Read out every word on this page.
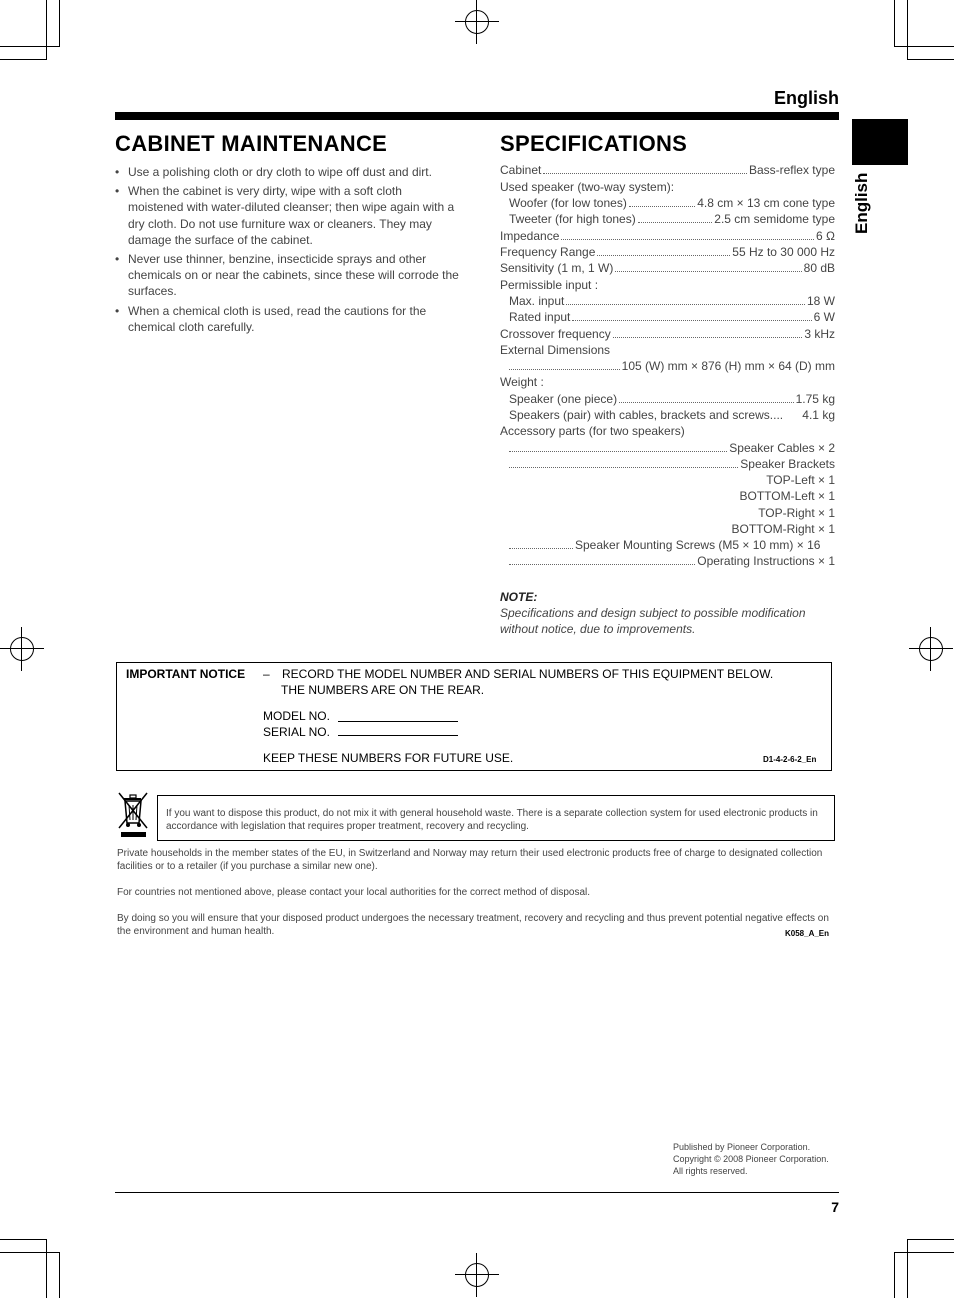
English
English
CABINET MAINTENANCE
• Use a polishing cloth or dry cloth to wipe off dust and dirt.
• When the cabinet is very dirty, wipe with a soft cloth moistened with water-diluted cleanser; then wipe again with a dry cloth. Do not use furniture wax or cleaners. They may damage the surface of the cabinet.
• Never use thinner, benzine, insecticide sprays and other chemicals on or near the cabinets, since these will corrode the surfaces.
• When a chemical cloth is used, read the cautions for the chemical cloth carefully.
SPECIFICATIONS
Cabinet	Bass-reflex type
Used speaker (two-way system):
Woofer (for low tones)	4.8 cm × 13 cm cone type
Tweeter (for high tones)	2.5 cm semidome type
Impedance	6 Ω
Frequency Range	55 Hz to 30 000 Hz
Sensitivity (1 m, 1 W)	80 dB
Permissible input :
Max. input	18 W
Rated input	6 W
Crossover frequency	3 kHz
External Dimensions
105 (W) mm × 876 (H) mm × 64 (D) mm
Weight :
Speaker (one piece)	1.75 kg
Speakers (pair) with cables, brackets and screws.... 4.1 kg
Accessory parts (for two speakers)
Speaker Cables × 2
Speaker Brackets
TOP-Left × 1
BOTTOM-Left × 1
TOP-Right × 1
BOTTOM-Right × 1
Speaker Mounting Screws (M5 × 10 mm) × 16
Operating Instructions × 1
NOTE:
Specifications and design subject to possible modification without notice, due to improvements.
IMPORTANT NOTICE – RECORD THE MODEL NUMBER AND SERIAL NUMBERS OF THIS EQUIPMENT BELOW.
THE NUMBERS ARE ON THE REAR.
MODEL NO.
SERIAL NO.
KEEP THESE NUMBERS FOR FUTURE USE.	D1-4-2-6-2_En
If you want to dispose this product, do not mix it with general household waste. There is a separate collection system for used electronic products in accordance with legislation that requires proper treatment, recovery and recycling.
Private households in the member states of the EU, in Switzerland and Norway may return their used electronic products free of charge to designated collection facilities or to a retailer (if you purchase a similar new one).
For countries not mentioned above, please contact your local authorities for the correct method of disposal.
By doing so you will ensure that your disposed product undergoes the necessary treatment, recovery and recycling and thus prevent potential negative effects on the environment and human health.	K058_A_En
Published by Pioneer Corporation.
Copyright © 2008 Pioneer Corporation.
All rights reserved.
7
